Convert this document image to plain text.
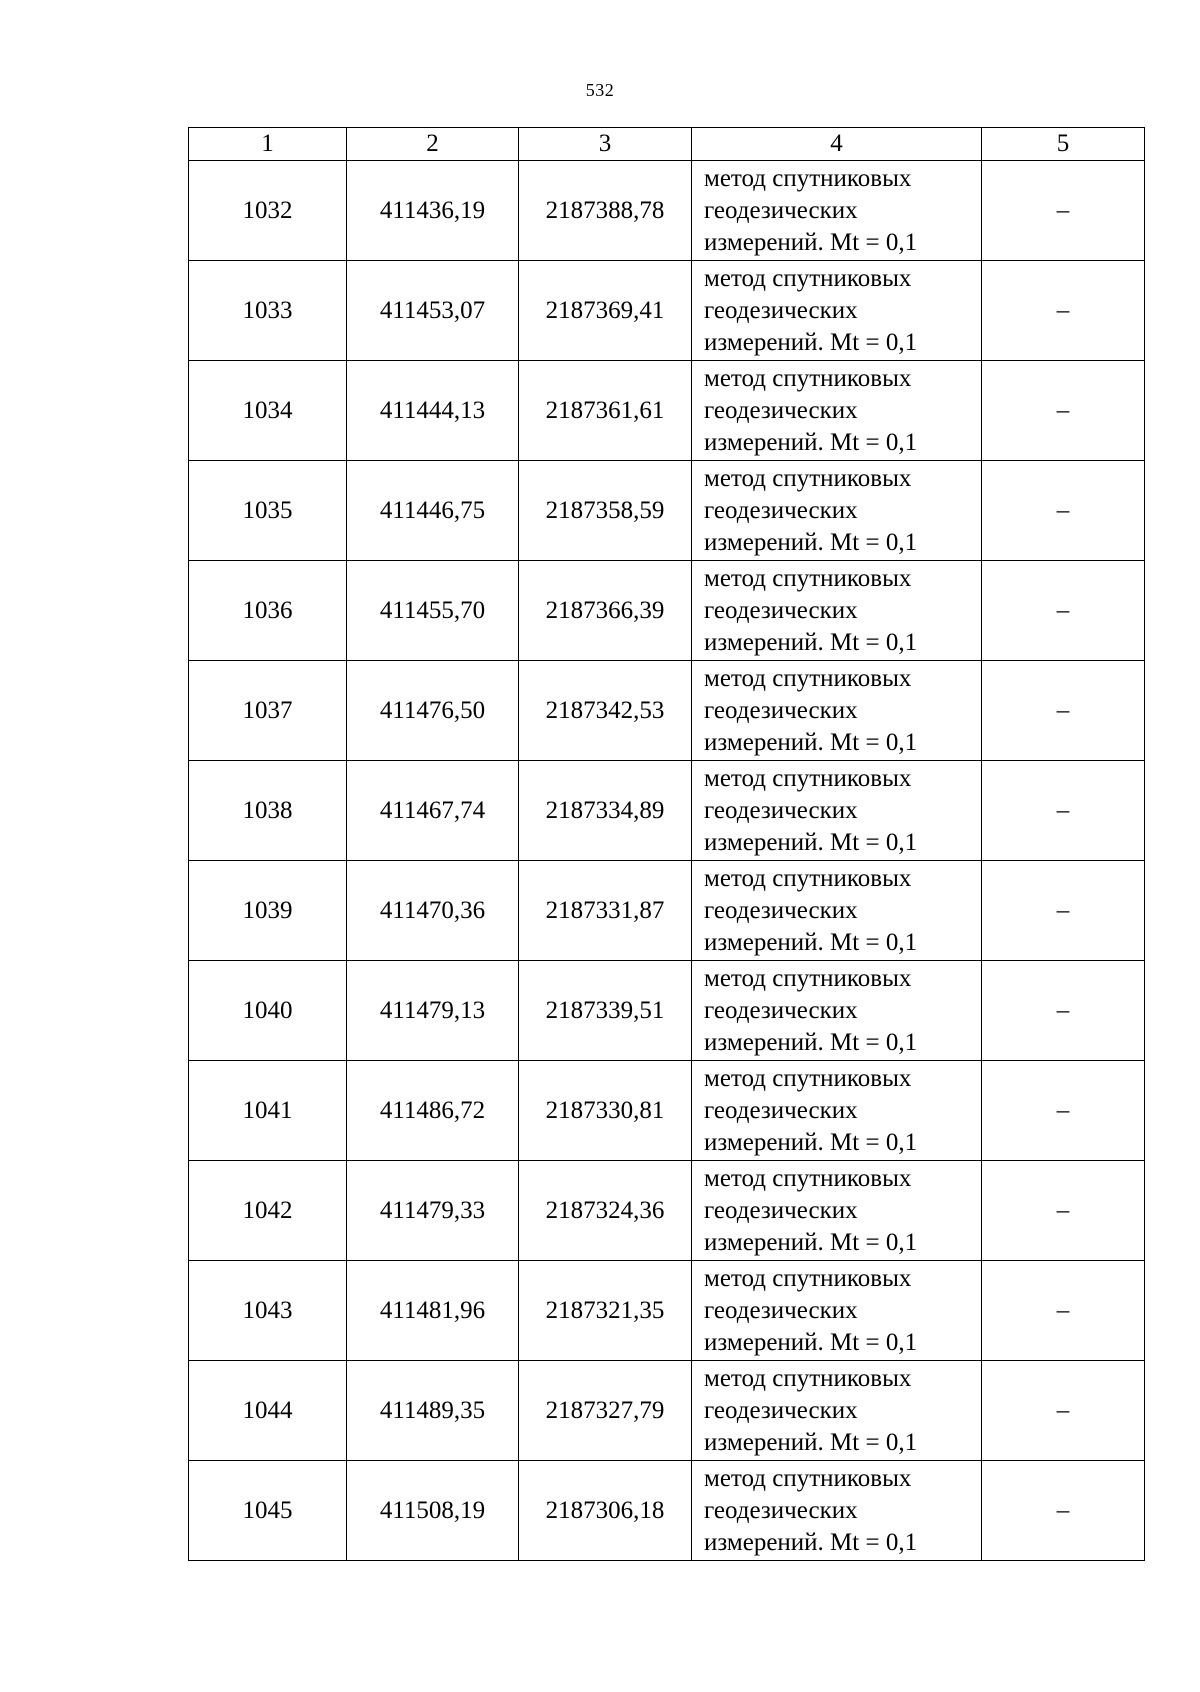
532
1	2	3	4	5
1032	411436,19	2187388,78	метод спутниковых
геодезических
измерений. Mt = 0,1	–
1033	411453,07	2187369,41	метод спутниковых
геодезических
измерений. Mt = 0,1	–
1034	411444,13	2187361,61	метод спутниковых
геодезических
измерений. Mt = 0,1	–
1035	411446,75	2187358,59	метод спутниковых
геодезических
измерений. Mt = 0,1	–
1036	411455,70	2187366,39	метод спутниковых
геодезических
измерений. Mt = 0,1	–
1037	411476,50	2187342,53	метод спутниковых
геодезических
измерений. Mt = 0,1	–
1038	411467,74	2187334,89	метод спутниковых
геодезических
измерений. Mt = 0,1	–
1039	411470,36	2187331,87	метод спутниковых
геодезических
измерений. Mt = 0,1	–
1040	411479,13	2187339,51	метод спутниковых
геодезических
измерений. Mt = 0,1	–
1041	411486,72	2187330,81	метод спутниковых
геодезических
измерений. Mt = 0,1	–
1042	411479,33	2187324,36	метод спутниковых
геодезических
измерений. Mt = 0,1	–
1043	411481,96	2187321,35	метод спутниковых
геодезических
измерений. Mt = 0,1	–
1044	411489,35	2187327,79	метод спутниковых
геодезических
измерений. Mt = 0,1	–
1045	411508,19	2187306,18	метод спутниковых
геодезических
измерений. Mt = 0,1	–
